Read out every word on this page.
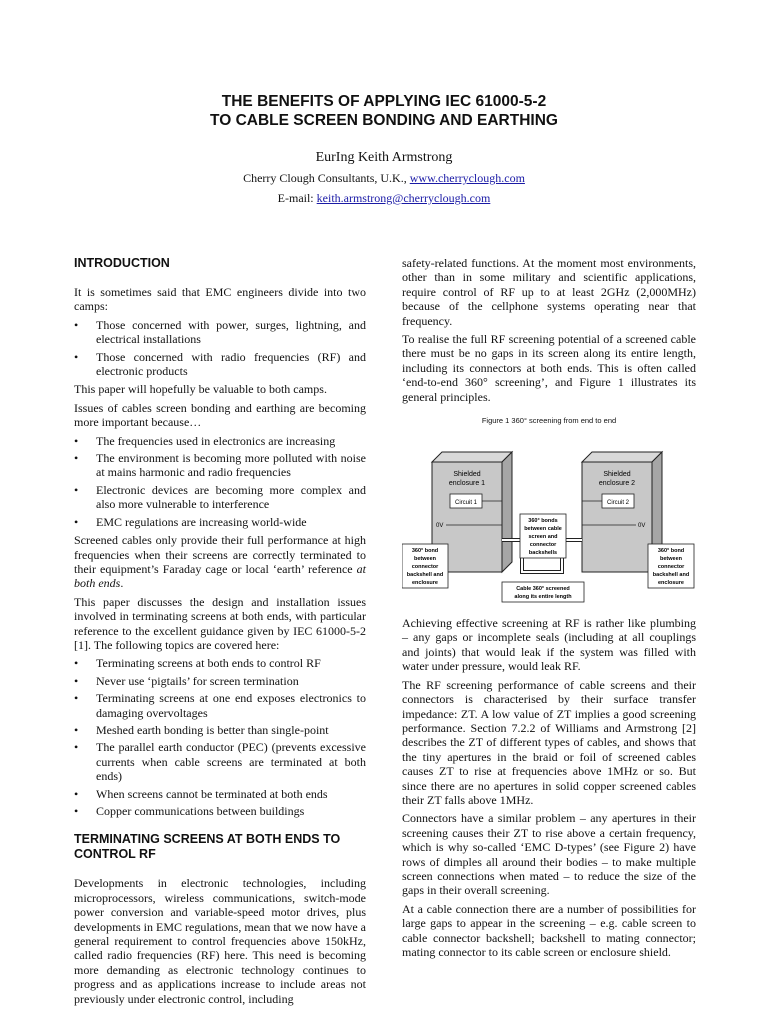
THE BENEFITS OF APPLYING IEC 61000-5-2
TO CABLE SCREEN BONDING AND EARTHING
EurIng Keith Armstrong
Cherry Clough Consultants, U.K., www.cherryclough.com
E-mail: keith.armstrong@cherryclough.com
INTRODUCTION

It is sometimes said that EMC engineers divide into two camps:

• Those concerned with power, surges, lightning, and electrical installations
• Those concerned with radio frequencies (RF) and electronic products

This paper will hopefully be valuable to both camps.

Issues of cables screen bonding and earthing are becoming more important because…

• The frequencies used in electronics are increasing
• The environment is becoming more polluted with noise at mains harmonic and radio frequencies
• Electronic devices are becoming more complex and also more vulnerable to interference
• EMC regulations are increasing world-wide

Screened cables only provide their full performance at high frequencies when their screens are correctly terminated to their equipment’s Faraday cage or local ‘earth’ reference at both ends.

This paper discusses the design and installation issues involved in terminating screens at both ends, with particular reference to the excellent guidance given by IEC 61000-5-2 [1]. The following topics are covered here:

• Terminating screens at both ends to control RF
• Never use ‘pigtails’ for screen termination
• Terminating screens at one end exposes electronics to damaging overvoltages
• Meshed earth bonding is better than single-point
• The parallel earth conductor (PEC) (prevents excessive currents when cable screens are terminated at both ends)
• When screens cannot be terminated at both ends
• Copper communications between buildings
TERMINATING SCREENS AT BOTH ENDS TO
CONTROL RF

Developments in electronic technologies, including microprocessors, wireless communications, switch-mode power conversion and variable-speed motor drives, plus developments in EMC regulations, mean that we now have a general requirement to control frequencies above 150kHz, called radio frequencies (RF) here. This need is becoming more demanding as electronic technology continues to progress and as applications increase to include areas not previously under electronic control, including

safety-related functions. At the moment most environments, other than in some military and scientific applications, require control of RF up to at least 2GHz (2,000MHz) because of the cellphone systems operating near that frequency.

To realise the full RF screening potential of a screened cable there must be no gaps in its screen along its entire length, including its connectors at both ends. This is often called ‘end-to-end 360° screening’, and Figure 1 illustrates its general principles.

Figure 1 360° screening from end to end
Shielded
enclosure 1
Circuit 1
0V
Shielded
enclosure 2
Circuit 2
0V
360° bonds
between cable
screen and
connector
backshells
360° bond
between
connector
backshell and
enclosure
360° bond
between
connector
backshell and
enclosure
Cable 360° screened
along its entire length

Achieving effective screening at RF is rather like plumbing – any gaps or incomplete seals (including at all couplings and joints) that would leak if the system was filled with water under pressure, would leak RF.

The RF screening performance of cable screens and their connectors is characterised by their surface transfer impedance: ZT. A low value of ZT implies a good screening performance. Section 7.2.2 of Williams and Armstrong [2] describes the ZT of different types of cables, and shows that the tiny apertures in the braid or foil of screened cables causes ZT to rise at frequencies above 1MHz or so. But since there are no apertures in solid copper screened cables their ZT falls above 1MHz.

Connectors have a similar problem – any apertures in their screening causes their ZT to rise above a certain frequency, which is why so-called ‘EMC D-types’ (see Figure 2) have rows of dimples all around their bodies – to make multiple screen connections when mated – to reduce the size of the gaps in their overall screening.

At a cable connection there are a number of possibilities for large gaps to appear in the screening – e.g. cable screen to cable connector backshell; backshell to mating connector; mating connector to its cable screen or enclosure shield.
